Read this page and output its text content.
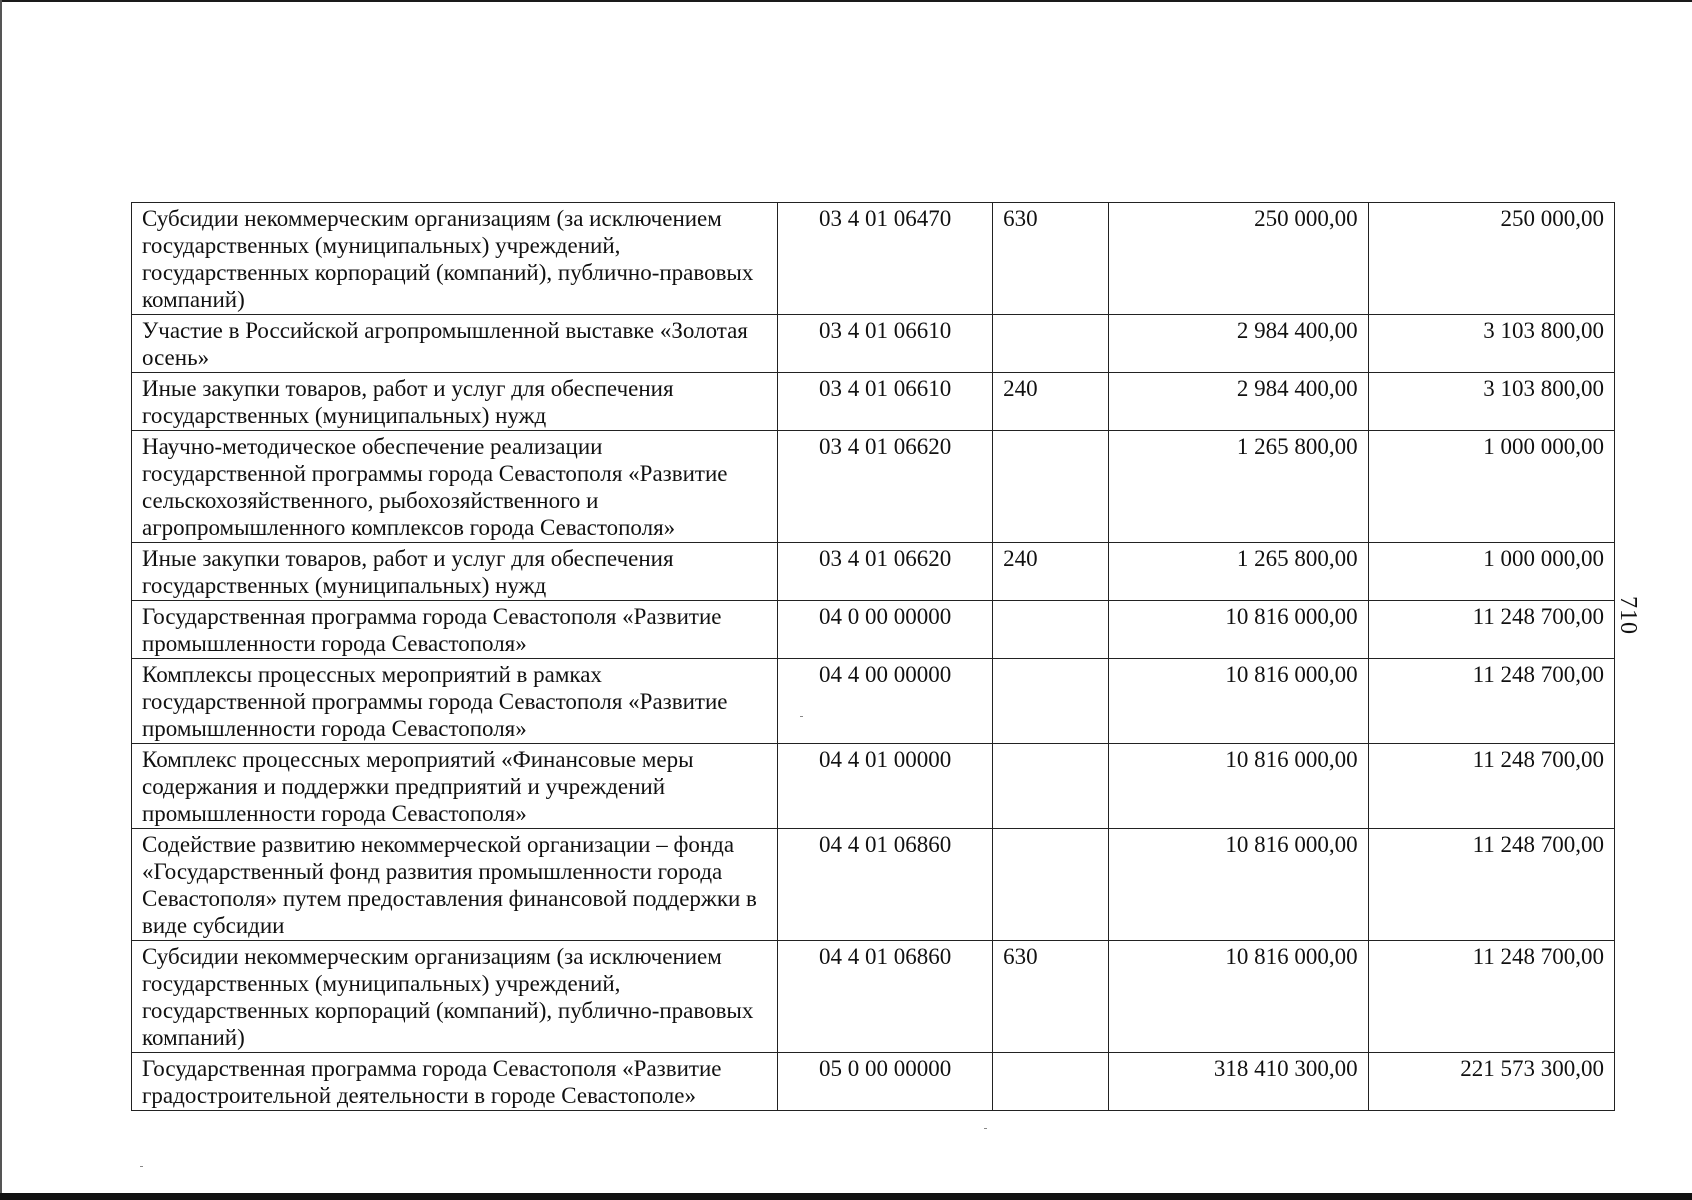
Субсидии некоммерческим организациям (за исключением государственных (муниципальных) учреждений, государственных корпораций (компаний), публично-правовых компаний)	03 4 01 06470	630	250 000,00	250 000,00
Участие в Российской агропромышленной выставке «Золотая осень»	03 4 01 06610		2 984 400,00	3 103 800,00
Иные закупки товаров, работ и услуг для обеспечения государственных (муниципальных) нужд	03 4 01 06610	240	2 984 400,00	3 103 800,00
Научно-методическое обеспечение реализации государственной программы города Севастополя «Развитие сельскохозяйственного, рыбохозяйственного и агропромышленного комплексов города Севастополя»	03 4 01 06620		1 265 800,00	1 000 000,00
Иные закупки товаров, работ и услуг для обеспечения государственных (муниципальных) нужд	03 4 01 06620	240	1 265 800,00	1 000 000,00
Государственная программа города Севастополя «Развитие промышленности города Севастополя»	04 0 00 00000		10 816 000,00	11 248 700,00
Комплексы процессных мероприятий в рамках государственной программы города Севастополя «Развитие промышленности города Севастополя»	04 4 00 00000		10 816 000,00	11 248 700,00
Комплекс процессных мероприятий «Финансовые меры содержания и поддержки предприятий и учреждений промышленности города Севастополя»	04 4 01 00000		10 816 000,00	11 248 700,00
Содействие развитию некоммерческой организации – фонда «Государственный фонд развития промышленности города Севастополя» путем предоставления финансовой поддержки в виде субсидии	04 4 01 06860		10 816 000,00	11 248 700,00
Субсидии некоммерческим организациям (за исключением государственных (муниципальных) учреждений, государственных корпораций (компаний), публично-правовых компаний)	04 4 01 06860	630	10 816 000,00	11 248 700,00
Государственная программа города Севастополя «Развитие градостроительной деятельности в городе Севастополе»	05 0 00 00000		318 410 300,00	221 573 300,00
710
